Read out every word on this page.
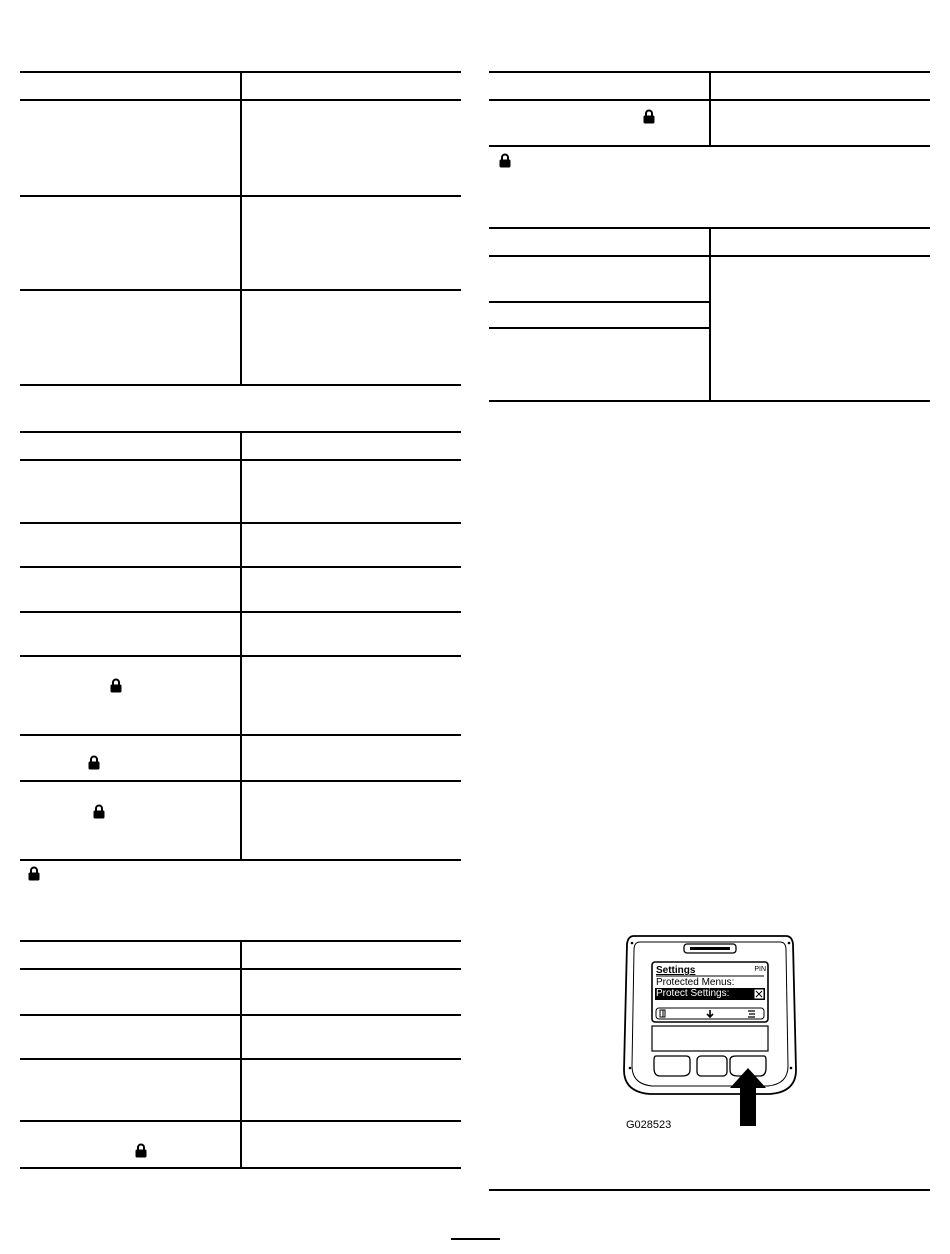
Settings	PIN
Protected Menus:
Protect Settings:
G028523
